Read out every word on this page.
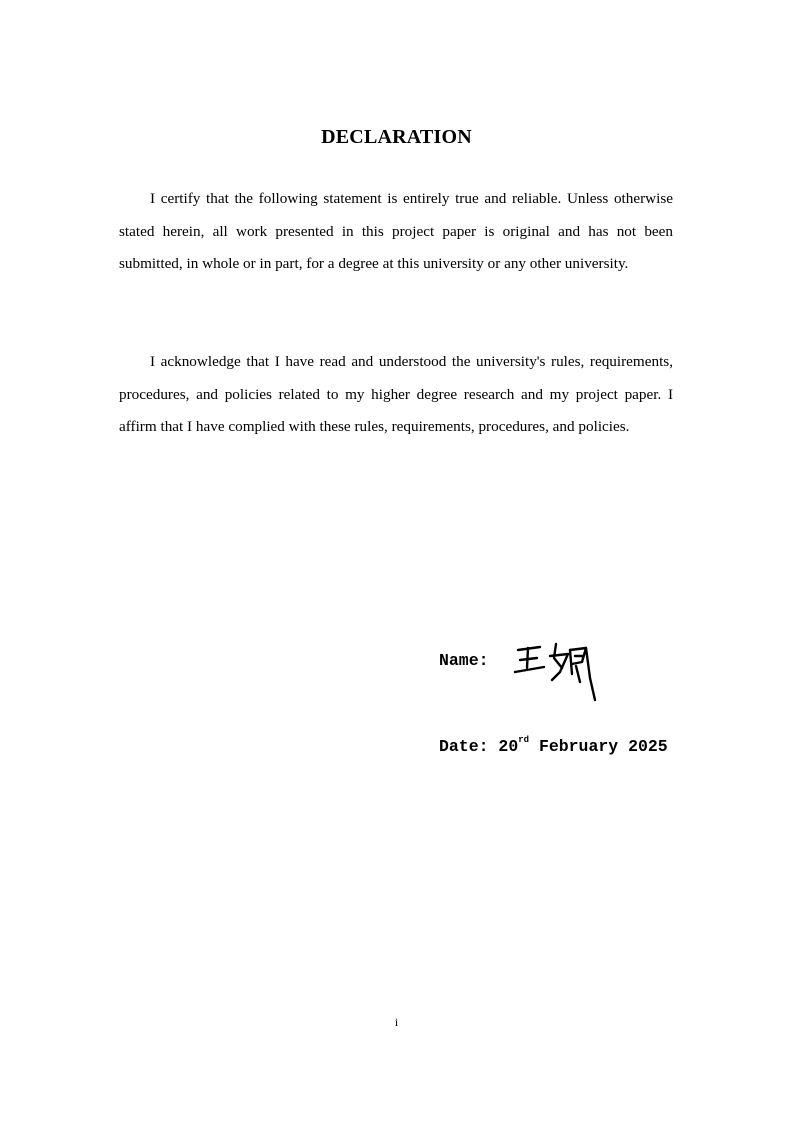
DECLARATION

I certify that the following statement is entirely true and reliable. Unless otherwise stated herein, all work presented in this project paper is original and has not been submitted, in whole or in part, for a degree at this university or any other university.

I acknowledge that I have read and understood the university's rules, requirements, procedures, and policies related to my higher degree research and my project paper. I affirm that I have complied with these rules, requirements, procedures, and policies.

Name:
Date: 20rd February 2025
i
